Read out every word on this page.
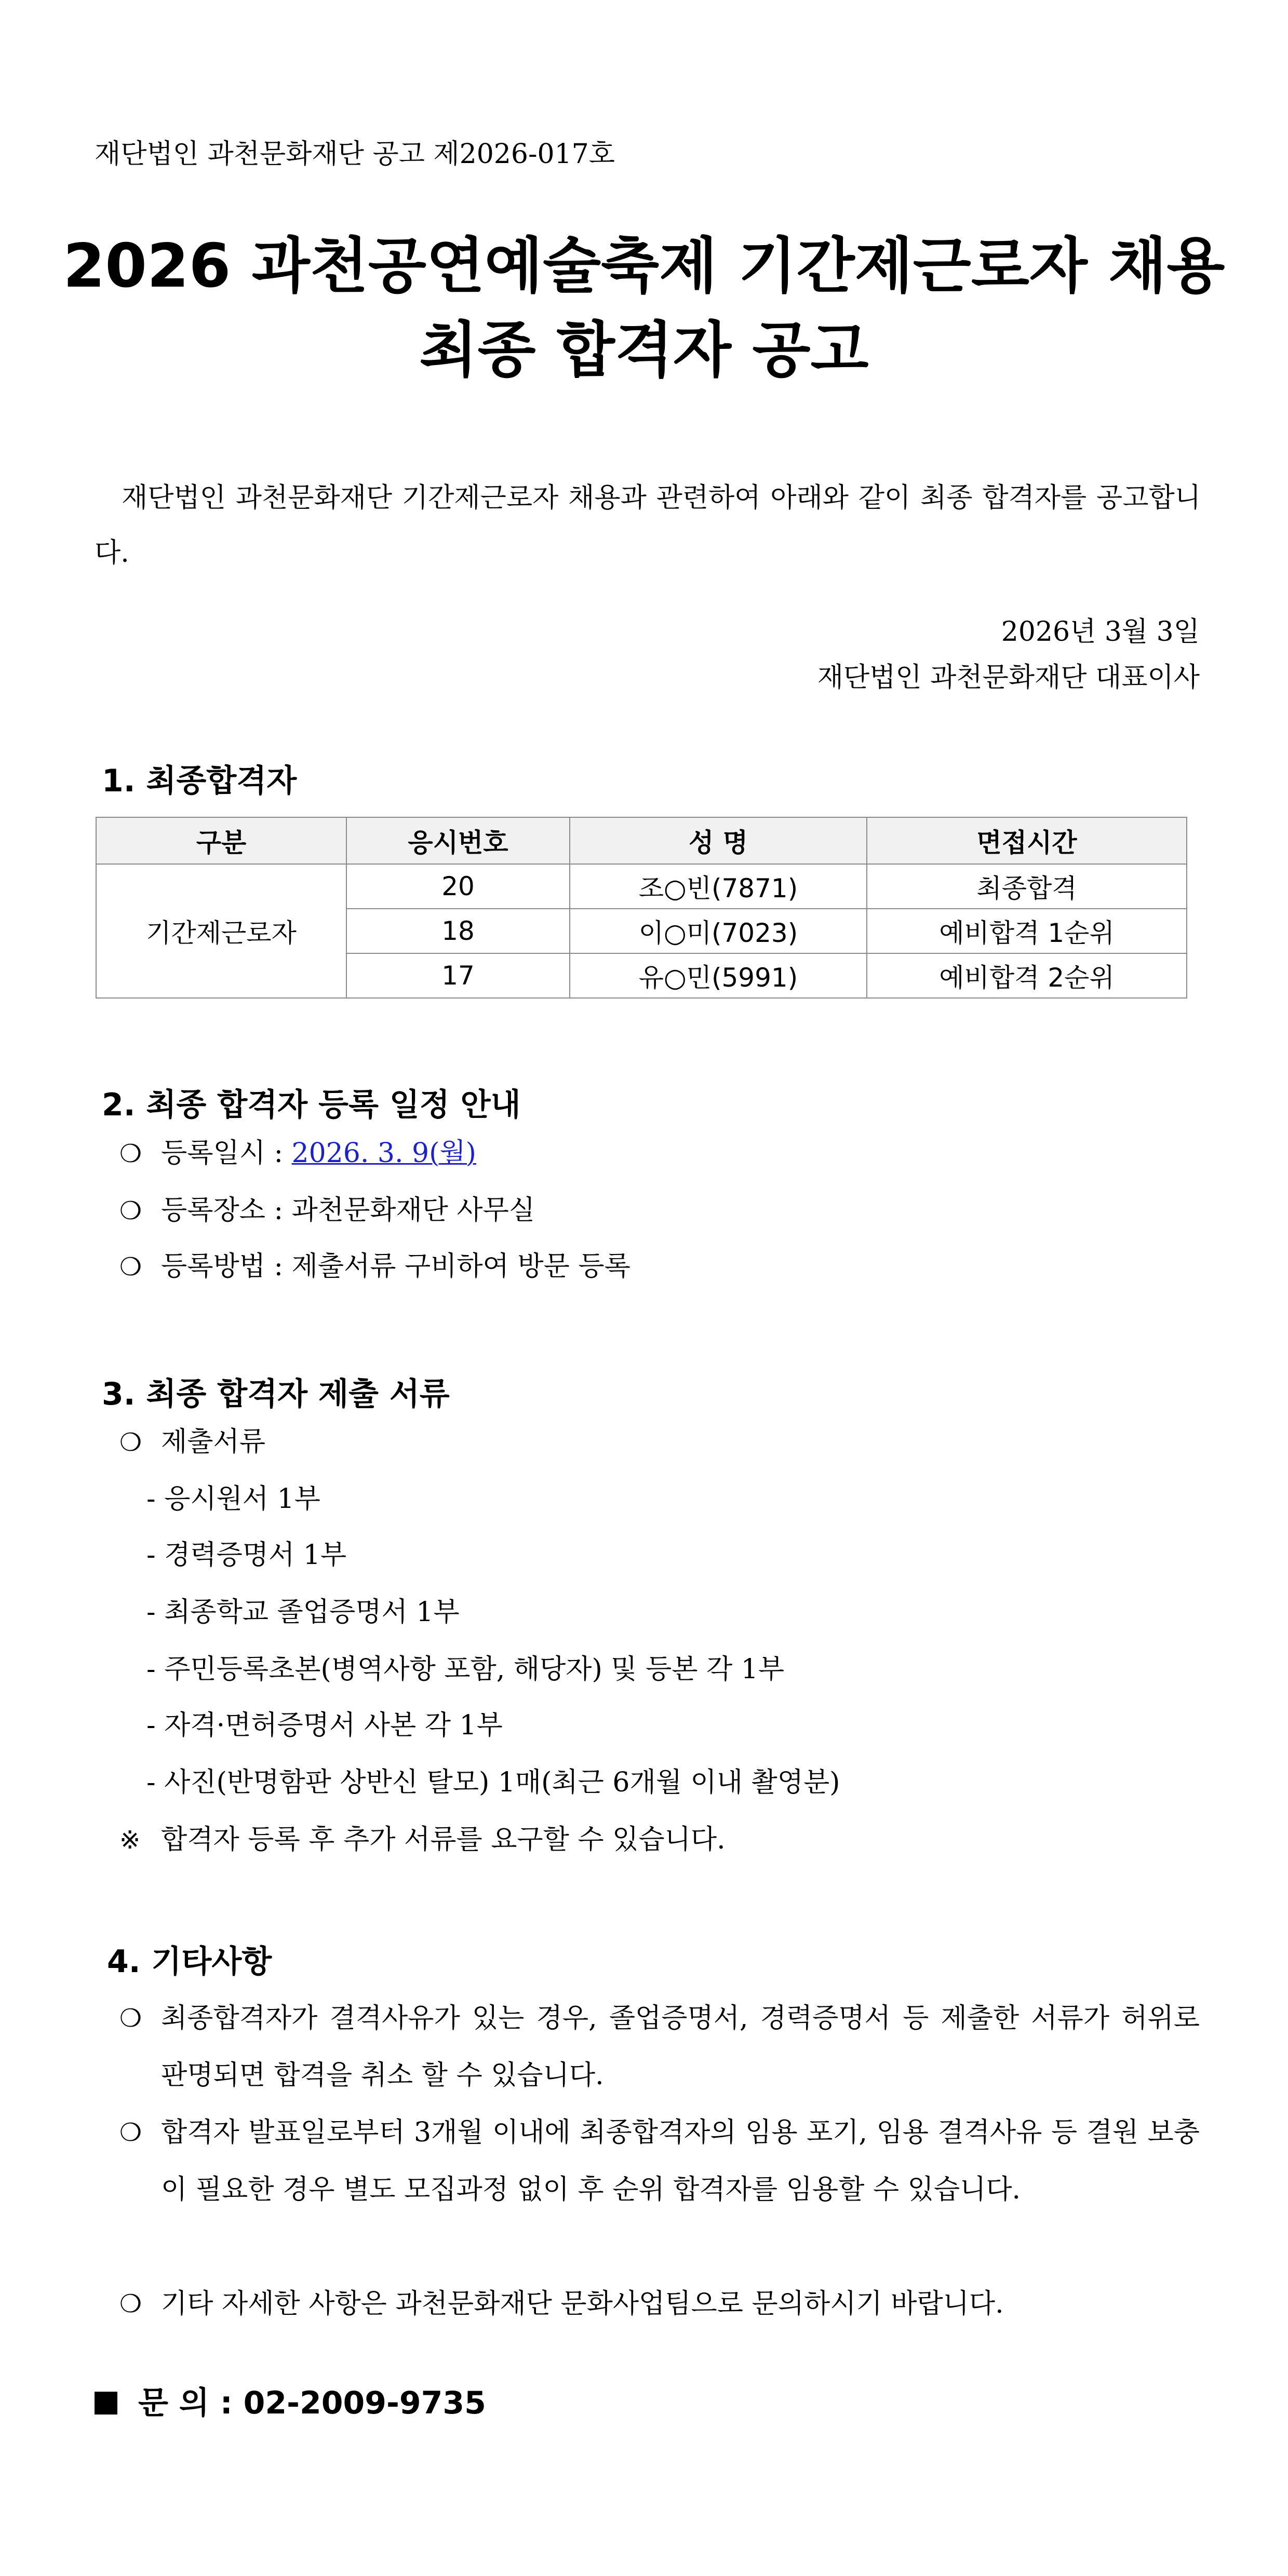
재단법인 과천문화재단 공고 제2026-017호
2026 과천공연예술축제 기간제근로자 채용
최종 합격자 공고
재단법인 과천문화재단 기간제근로자 채용과 관련하여 아래와 같이 최종 합격자를 공고합니다.
2026년 3월 3일
재단법인 과천문화재단 대표이사
1. 최종합격자
구분	응시번호	성 명	면접시간
기간제근로자	20	조○빈(7871)	최종합격
	18	이○미(7023)	예비합격 1순위
	17	유○민(5991)	예비합격 2순위
2. 최종 합격자 등록 일정 안내
❍ 등록일시 : 2026. 3. 9(월)
❍ 등록장소 : 과천문화재단 사무실
❍ 등록방법 : 제출서류 구비하여 방문 등록
3. 최종 합격자 제출 서류
❍ 제출서류
- 응시원서 1부
- 경력증명서 1부
- 최종학교 졸업증명서 1부
- 주민등록초본(병역사항 포함, 해당자) 및 등본 각 1부
- 자격·면허증명서 사본 각 1부
- 사진(반명함판 상반신 탈모) 1매(최근 6개월 이내 촬영분)
※ 합격자 등록 후 추가 서류를 요구할 수 있습니다.
4. 기타사항
❍ 최종합격자가 결격사유가 있는 경우, 졸업증명서, 경력증명서 등 제출한 서류가 허위로 판명되면 합격을 취소 할 수 있습니다.
❍ 합격자 발표일로부터 3개월 이내에 최종합격자의 임용 포기, 임용 결격사유 등 결원 보충이 필요한 경우 별도 모집과정 없이 후 순위 합격자를 임용할 수 있습니다.
❍ 기타 자세한 사항은 과천문화재단 문화사업팀으로 문의하시기 바랍니다.
문 의 : 02-2009-9735
